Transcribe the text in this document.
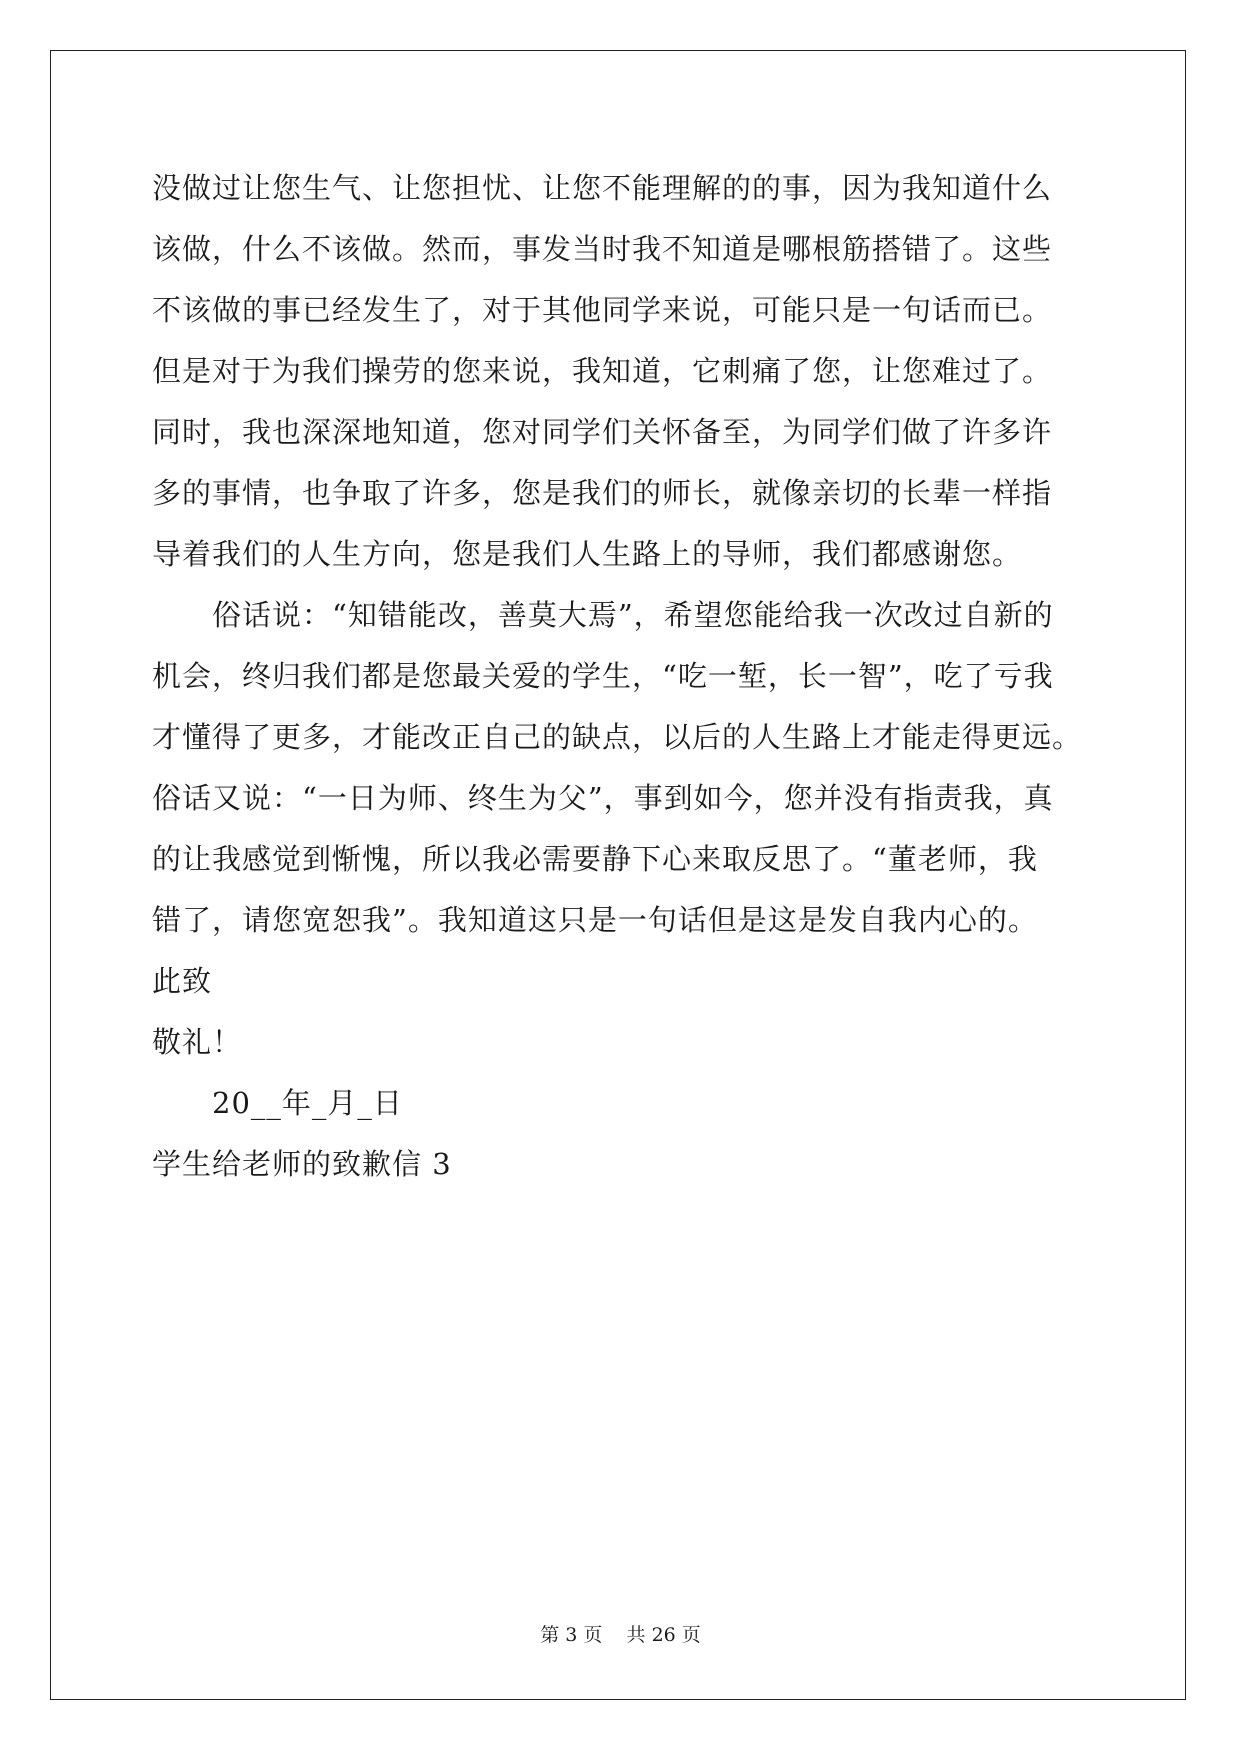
没做过让您生气、让您担忧、让您不能理解的的事，因为我知道什么
该做，什么不该做。然而，事发当时我不知道是哪根筋搭错了。这些
不该做的事已经发生了，对于其他同学来说，可能只是一句话而已。
但是对于为我们操劳的您来说，我知道，它刺痛了您，让您难过了。
同时，我也深深地知道，您对同学们关怀备至，为同学们做了许多许
多的事情，也争取了许多，您是我们的师长，就像亲切的长辈一样指
导着我们的人生方向，您是我们人生路上的导师，我们都感谢您。
俗话说：“知错能改，善莫大焉”，希望您能给我一次改过自新的
机会，终归我们都是您最关爱的学生，“吃一堑，长一智”，吃了亏我
才懂得了更多，才能改正自己的缺点，以后的人生路上才能走得更远。
俗话又说：“一日为师、终生为父”，事到如今，您并没有指责我，真
的让我感觉到惭愧，所以我必需要静下心来取反思了。“董老师，我
错了，请您宽恕我”。我知道这只是一句话但是这是发自我内心的。
此致
敬礼！
20__年_月_日
学生给老师的致歉信 3
第 3 页    共 26 页
